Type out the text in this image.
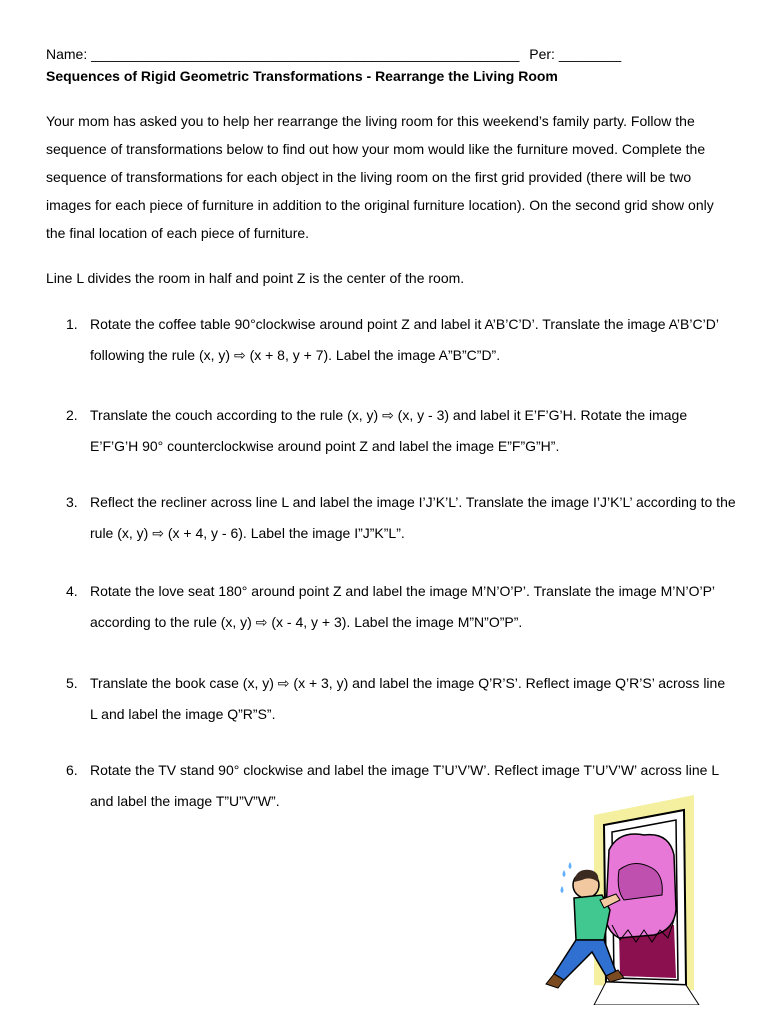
Name: _______________________________________________________ Per: ________
Sequences of Rigid Geometric Transformations - Rearrange the Living Room

Your mom has asked you to help her rearrange the living room for this weekend’s family party. Follow the sequence of transformations below to find out how your mom would like the furniture moved. Complete the sequence of transformations for each object in the living room on the first grid provided (there will be two images for each piece of furniture in addition to the original furniture location). On the second grid show only the final location of each piece of furniture.

Line L divides the room in half and point Z is the center of the room.
1. Rotate the coffee table 90°clockwise around point Z and label it A’B’C’D’. Translate the image A’B’C’D’ following the rule (x, y) ⇨ (x + 8, y + 7). Label the image A”B”C”D”.
2. Translate the couch according to the rule (x, y) ⇨ (x, y - 3) and label it E’F’G’H. Rotate the image E’F’G’H 90° counterclockwise around point Z and label the image E”F”G”H”.
3. Reflect the recliner across line L and label the image I’J’K’L’. Translate the image I’J’K’L’ according to the rule (x, y) ⇨ (x + 4, y - 6). Label the image I”J”K”L”.
4. Rotate the love seat 180° around point Z and label the image M’N’O’P’. Translate the image M’N’O’P’ according to the rule (x, y) ⇨ (x - 4, y + 3). Label the image M”N”O”P”.
5. Translate the book case (x, y) ⇨ (x + 3, y) and label the image Q’R’S’. Reflect image Q’R’S’ across line L and label the image Q”R”S”.
6. Rotate the TV stand 90° clockwise and label the image T’U’V’W’. Reflect image T’U’V’W’ across line L and label the image T”U”V”W”.
